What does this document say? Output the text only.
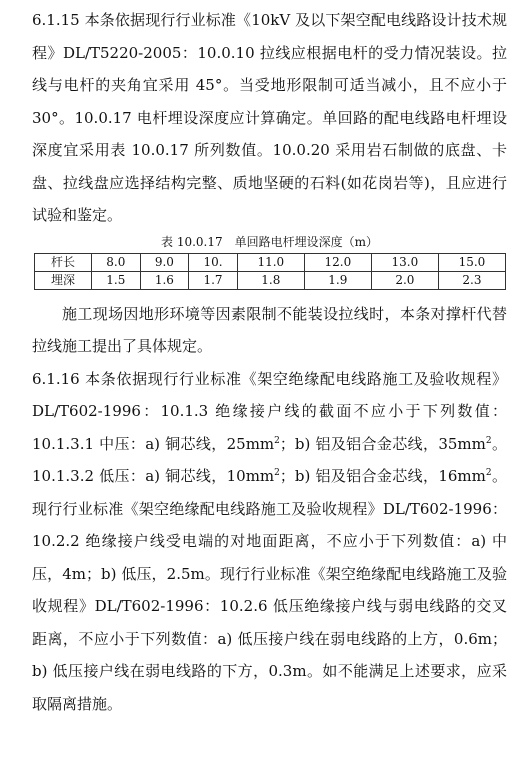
6.1.15 本条依据现行行业标准《10kV 及以下架空配电线路设计技术规程》DL/T5220-2005：10.0.10 拉线应根据电杆的受力情况装设。拉线与电杆的夹角宜采用 45°。当受地形限制可适当减小，且不应小于 30°。10.0.17 电杆埋设深度应计算确定。单回路的配电线路电杆埋设深度宜采用表 10.0.17 所列数值。10.0.20 采用岩石制做的底盘、卡盘、拉线盘应选择结构完整、质地坚硬的石料(如花岗岩等)，且应进行试验和鉴定。

表 10.0.17　单回路电杆埋设深度（m）
杆长	8.0	9.0	10.	11.0	12.0	13.0	15.0
埋深	1.5	1.6	1.7	1.8	1.9	2.0	2.3

施工现场因地形环境等因素限制不能装设拉线时，本条对撑杆代替拉线施工提出了具体规定。

6.1.16 本条依据现行行业标准《架空绝缘配电线路施工及验收规程》DL/T602-1996：10.1.3 绝缘接户线的截面不应小于下列数值：10.1.3.1 中压：a) 铜芯线，$25mm^2$；b) 铝及铝合金芯线，$35mm^2$。10.1.3.2 低压：a) 铜芯线，$10mm^2$；b) 铝及铝合金芯线，$16mm^2$。现行行业标准《架空绝缘配电线路施工及验收规程》DL/T602-1996：10.2.2 绝缘接户线受电端的对地面距离，不应小于下列数值：a) 中压，4m；b) 低压，2.5m。现行行业标准《架空绝缘配电线路施工及验收规程》DL/T602-1996：10.2.6 低压绝缘接户线与弱电线路的交叉距离，不应小于下列数值：a) 低压接户线在弱电线路的上方，0.6m；b) 低压接户线在弱电线路的下方，0.3m。如不能满足上述要求，应采取隔离措施。
